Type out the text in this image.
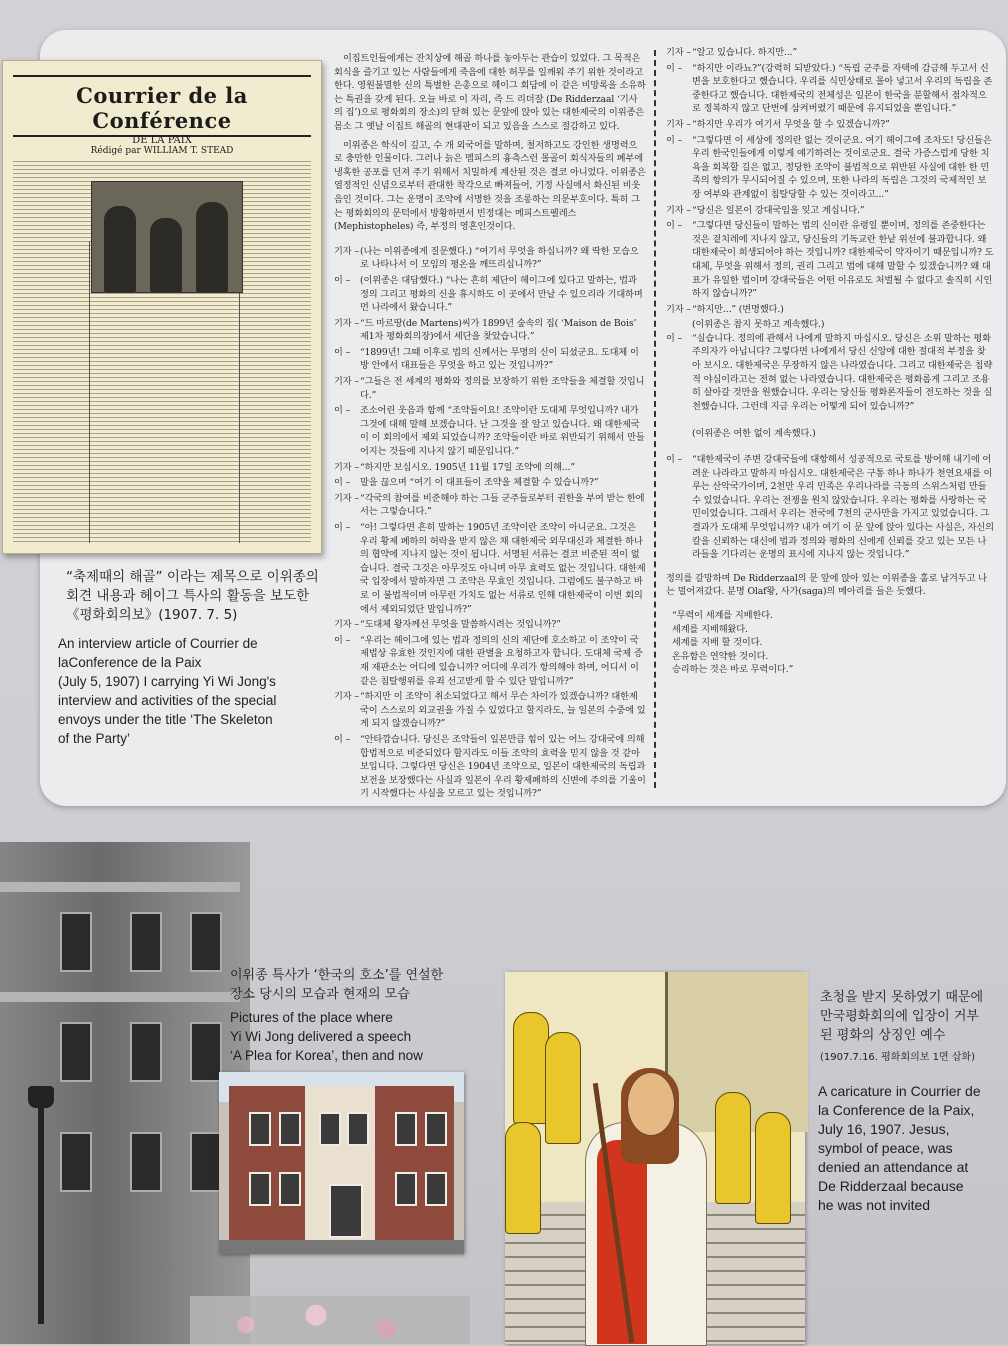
Courrier de la Conférence
DE LA PAIX
Rédigé par WILLIAM T. STEAD
“축제때의 해골” 이라는 제목으로 이위종의
회견 내용과 헤이그 특사의 활동을 보도한
《평화회의보》(1907. 7. 5)
An interview article of Courrier de
laConference de la Paix
(July 5, 1907) I carrying Yi Wi Jong's
interview and activities of the special
envoys under the title ‘The Skeleton
of the Party’

이집트인들에게는 잔치상에 해골 하나를 놓아두는 관습이 있었다. 그 목적은 회식을 즐기고 있는 사람들에게 죽음에 대한 허무를 일깨워 주기 위한 것이라고 한다. 영원불멸한 신의 특별한 은총으로 헤이그 회담에 이 같은 비망록을 소유하는 특권을 갖게 된다. 오늘 바로 이 자리, 즉 드 리더잘 (De Ridderzaal ‘기사의 집’)으로 평화회의 장소)의 닫혀 있는 문앞에 앉아 있는 대한제국의 이위종은 몸소 그 옛날 이집트 해골의 현대판이 되고 있음을 스스로 절감하고 있다.

이위종은 학식이 깊고, 수 개 외국어를 말하며, 철저하고도 강인한 생명력으로 충만한 인물이다. 그러나 늙은 멤피스의 흉측스런 몰골이 회식자들의 폐부에 냉혹한 공포를 던져 주기 위해서 치밀하게 계산된 것은 결코 아니었다. 이위종은 열정적인 신념으로부터 관대한 착각으로 빠져들어, 기정 사실에서 화신된 비웃음인 것이다. 그는 운명이 조약에 서명한 것을 조롱하는 의문부호이다. 특히 그는 평화회의의 문턱에서 방황하면서 빈정대는 메피스트펠레스(Mephistopheles) 즉, 부정의 영혼인것이다.

기자 – (나는 이위종에게 질문했다.) “여기서 무엇을 하십니까? 왜 딱한 모습으로 나타나서 이 모임의 평온을 깨뜨리십니까?”
이 –	(이위종은 대답했다.) “나는 흔히 제단이 헤이그에 있다고 말하는, 법과 정의 그리고 평화의 신을 휴시하도 이 곳에서 만날 수 있으리라 기대하며 먼 나라에서 왔습니다.”
기자 – “드 마르땅(de Martens)씨가 1899년 숲속의 집( ‘Maison de Bois’ 제1차 평화회의장)에서 세단을 찾았습니다.”
이 –	“1899년! 그때 이후로 법의 신께서는 무명의 신이 되셨군요. 도대체 이 방 안에서 대표들은 무엇을 하고 있는 것입니까?”
기자 – “그들은 전 세계의 평화와 정의를 보장하기 위한 조약들을 체결할 것입니다.”
이 –	조소어린 웃음과 함께 “조약들이요! 조약이란 도대체 무엇입니까? 내가 그것에 대해 말해 보겠습니다. 난 그것을 잘 알고 있습니다. 왜 대한제국이 이 회의에서 제외 되었습니까? 조약들이란 바로 위반되기 위해서 만들어지는 것들에 지나지 않기 때문입니다.”
기자 – “하지만 보십시오. 1905년 11월 17일 조약에 의해...”
이 –	말을 끊으며 “여기 이 대표들이 조약을 체결할 수 있습니까?”
기자 – “각국의 참여를 비준해야 하는 그들 군주들로부터 권한을 부여 받는 한에서는 그렇습니다.”
이 –	“아! 그렇다면 흔히 말하는 1905년 조약이란 조약이 아니군요. 그것은 우리 황제 폐하의 허락을 받지 않은 채 대한제국 외무대신과 체결한 하나의 협약에 지나지 않는 것이 됩니다. 서명된 서류는 결코 비준된 적이 없습니다. 결국 그것은 아무것도 아니며 아무 효력도 없는 것입니다. 대한제국 입장에서 말하자면 그 조약은 무효인 것입니다. 그럼에도 불구하고 바로 이 불법적이며 아무런 가치도 없는 서류로 인해 대한제국이 이번 회의에서 제외되었단 말입니까?”
기자 – “도대체 왕자께선 무엇을 말씀하시려는 것입니까?”
이 –	“우리는 헤이그에 있는 법과 정의의 신의 제단에 호소하고 이 조약이 국제법상 유효한 것인지에 대한 판별을 요청하고자 합니다. 도대체 국제 증재 재판소는 어디에 있습니까? 어디에 우리가 항의해야 하며, 어디서 이같은 침탈행위를 유죄 선고받게 할 수 있단 말입니까?”
기자 – “하지만 이 조약이 취소되었다고 해서 무슨 차이가 있겠습니까? 대한제국이 스스로의 외교권을 가질 수 있었다고 할지라도, 늘 일본의 수중에 있게 되지 않겠습니까?”
이 –	“안타깝습니다. 당신은 조약들이 일본만큼 힘이 있는 어느 강대국에 의해 합법적으로 비준되었다 할지라도 이들 조약의 효력을 믿지 않을 것 같아 보입니다. 그렇다면 당신은 1904년 조약으로, 일본이 대한제국의 독립과 보전을 보장했다는 사실과 일본이 우리 황제폐하의 신변에 주의를 기울이기 시작했다는 사실을 모르고 있는 것입니까?”
기자 – “알고 있습니다. 하지만...”
이 –	“하지만 이라뇨?”(강력히 되받았다.) “독립 군주를 자택에 감금해 두고서 신변을 보호한다고 했습니다. 우리를 식민상태로 몰아 넣고서 우리의 독립을 존중한다고 했습니다. 대한제국의 전체성은 일본이 한국을 분할해서 점차적으로 정복하지 않고 단번에 삼켜버렸기 때문에 유지되었을 뿐입니다.”
기자 – “하지만 우리가 여기서 무엇을 할 수 있겠습니까?”
이 –	“그렇다면 이 세상에 정의란 없는 것이군요. 여기 헤이그에 조차도! 당신들은 우리 한국인들에게 이렇게 얘기하려는 것이로군요. 결국 가증스럽게 당한 치욕을 회복할 길은 없고, 정당한 조약이 불법적으로 위반된 사실에 대한 한 민족의 항의가 무시되어질 수 있으며, 또한 나라의 독립은 그것의 국제적인 보장 여부와 관계없이 침탈당할 수 있는 것이라고...”
기자 – “당신은 일본이 강대국임을 잊고 계십니다.”
이 –	“그렇다면 당신들이 말하는 법의 신이란 유령일 뿐이며, 정의를 존중한다는 것은 겉치레에 지나지 않고, 당신들의 기독교란 한낱 위선에 불과합니다. 왜 대한제국이 희생되어야 하는 것입니까? 대한제국이 약자이기 때문입니까? 도대체, 무엇을 위해서 정의, 권리 그리고 법에 대해 말할 수 있겠습니까? 왜 대표가 유일한 법이며 강대국들은 어떤 이유로도 처벌될 수 없다고 솔직히 시인하지 않습니까?”
기자 – “하지만...” (변명했다.)
(이위종은 참지 못하고 계속했다.)
이 –	“실습니다. 정의에 관해서 나에게 말하지 마십시오. 당신은 소위 말하는 평화주의자가 아닙니다? 그렇다면 나에게서 당신 신앙에 대한 절대적 부정을 찾아 보시오. 대한제국은 무장하지 않은 나라였습니다. 그리고 대한제국은 침략적 야심이라고는 전혀 없는 나라였습니다. 대한제국은 평화롭게 그리고 조용히 살아갈 것만을 원했습니다. 우리는 당신들 평화론자들이 전도하는 것을 실천했습니다. 그런데 지금 우리는 어떻게 되어 있습니까?”
(이위종은 여한 없이 계속했다.)
이 –	“대한제국이 주변 강대국들에 대항해서 성공적으로 국토를 방어해 내기에 어려운 나라라고 말하지 마십시오. 대한제국은 구통 하나 하나가 천연요새를 이루는 산악국가이며, 2천만 우리 민족은 우리나라를 극동의 스위스처럼 만들 수 있었습니다. 우리는 전쟁을 원치 않았습니다. 우리는 평화를 사랑하는 국민이었습니다. 그래서 우리는 전국에 7천의 군사만을 가지고 있었습니다. 그 결과가 도대체 무엇입니까? 내가 여기 이 문 앞에 앉아 있다는 사실은, 자신의 칼을 신뢰하는 대신에 법과 정의와 평화의 신에게 신뢰를 갖고 있는 모든 나라들을 기다리는 운명의 표시에 지나지 않는 것입니다.”

정의를 갈망하며 De Ridderzaal의 문 앞에 앉아 있는 이위종을 홀로 남겨두고 나는 멀어져갔다. 분명 Olaf왕, 사가(saga)의 메아리를 들은 듯했다.

“무력이 세계를 지배한다.
세계를 지배해왔다.
세계를 지배 할 것이다.
온유함은 연약한 것이다.
승리하는 것은 바로 무력이다.”
이위종 특사가 ‘한국의 호소’를 연설한
장소 당시의 모습과 현재의 모습
Pictures of the place where
Yi Wi Jong delivered a speech
‘A Plea for Korea’, then and now
초청을 받지 못하였기 때문에
만국평화회의에 입장이 거부
된 평화의 상징인 예수
(1907.7.16. 평화회의보 1면 삽화)
A caricature in Courrier de
la Conference de la Paix,
July 16, 1907. Jesus,
symbol of peace, was
denied an attendance at
De Ridderzaal because
he was not invited
